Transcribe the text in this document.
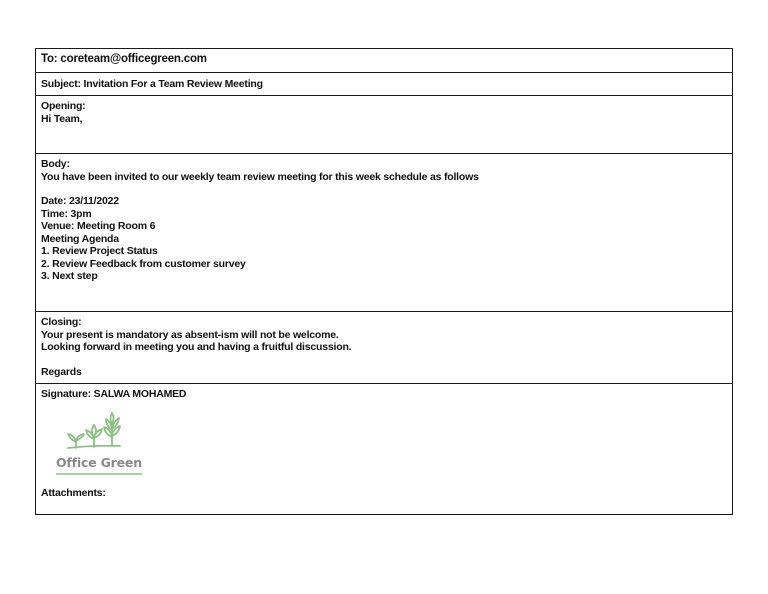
To: coreteam@officegreen.com
Subject: Invitation For a Team Review Meeting
Opening:
Hi Team,
Body:
You have been invited to our weekly team review meeting for this week schedule as follows
Date: 23/11/2022
Time: 3pm
Venue: Meeting Room 6
Meeting Agenda
1. Review Project Status
2. Review Feedback from customer survey
3. Next step
Closing:
Your present is mandatory as absent-ism will not be welcome.
Looking forward in meeting you and having a fruitful discussion.
Regards
Signature: SALWA MOHAMED
Office Green
Attachments:
